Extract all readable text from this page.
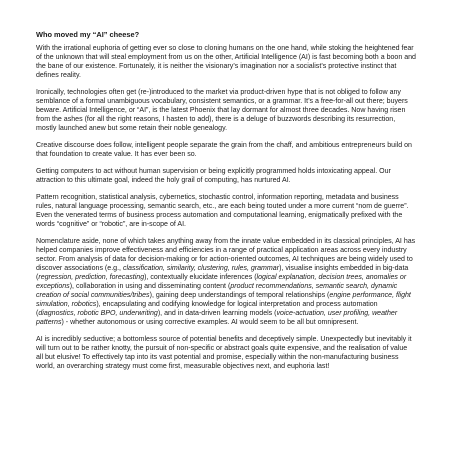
Who moved my “AI” cheese?

With the irrational euphoria of getting ever so close to cloning humans on the one hand, while stoking the heightened fear of the unknown that will steal employment from us on the other, Artificial Intelligence (AI) is fast becoming both a boon and the bane of our existence. Fortunately, it is neither the visionary’s imagination nor a socialist’s protective instinct that defines reality.

Ironically, technologies often get (re-)introduced to the market via product-driven hype that is not obliged to follow any semblance of a formal unambiguous vocabulary, consistent semantics, or a grammar. It’s a free-for-all out there; buyers beware. Artificial Intelligence, or “AI”, is the latest Phoenix that lay dormant for almost three decades. Now having risen from the ashes (for all the right reasons, I hasten to add), there is a deluge of buzzwords describing its resurrection, mostly launched anew but some retain their noble genealogy.

Creative discourse does follow, intelligent people separate the grain from the chaff, and ambitious entrepreneurs build on that foundation to create value. It has ever been so.

Getting computers to act without human supervision or being explicitly programmed holds intoxicating appeal. Our attraction to this ultimate goal, indeed the holy grail of computing, has nurtured AI.

Pattern recognition, statistical analysis, cybernetics, stochastic control, information reporting, metadata and business rules, natural language processing, semantic search, etc., are each being touted under a more current “nom de guerre”. Even the venerated terms of business process automation and computational learning, enigmatically prefixed with the words “cognitive” or “robotic”, are in-scope of AI.

Nomenclature aside, none of which takes anything away from the innate value embedded in its classical principles, AI has helped companies improve effectiveness and efficiencies in a range of practical application areas across every industry sector. From analysis of data for decision-making or for action-oriented outcomes, AI techniques are being widely used to discover associations (e.g., classification, similarity, clustering, rules, grammar), visualise insights embedded in big-data (regression, prediction, forecasting), contextually elucidate inferences (logical explanation, decision trees, anomalies or exceptions), collaboration in using and disseminating content (product recommendations, semantic search, dynamic creation of social communities/tribes), gaining deep understandings of temporal relationships (engine performance, flight simulation, robotics), encapsulating and codifying knowledge for logical interpretation and process automation (diagnostics, robotic BPO, underwriting), and in data-driven learning models (voice-actuation, user profiling, weather patterns) - whether autonomous or using corrective examples. AI would seem to be all but omnipresent.

AI is incredibly seductive; a bottomless source of potential benefits and deceptively simple. Unexpectedly but inevitably it will turn out to be rather knotty, the pursuit of non-specific or abstract goals quite expensive, and the realisation of value all but elusive! To effectively tap into its vast potential and promise, especially within the non-manufacturing business world, an overarching strategy must come first, measurable objectives next, and euphoria last!
